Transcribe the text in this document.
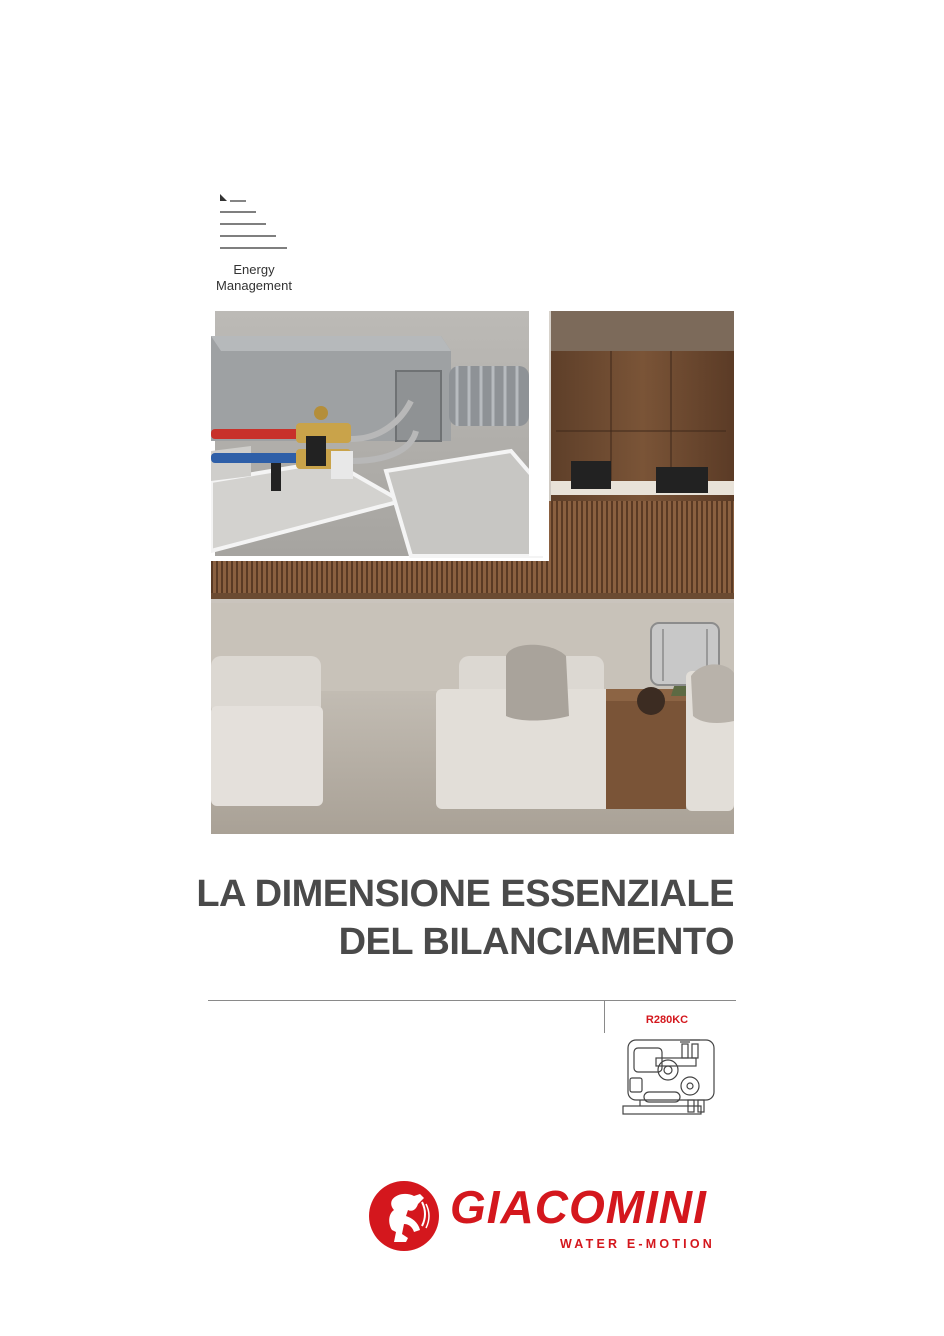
Energy
Management
LA DIMENSIONE ESSENZIALE
DEL BILANCIAMENTO
R280KC
GIACOMINI
WATER E-MOTION
